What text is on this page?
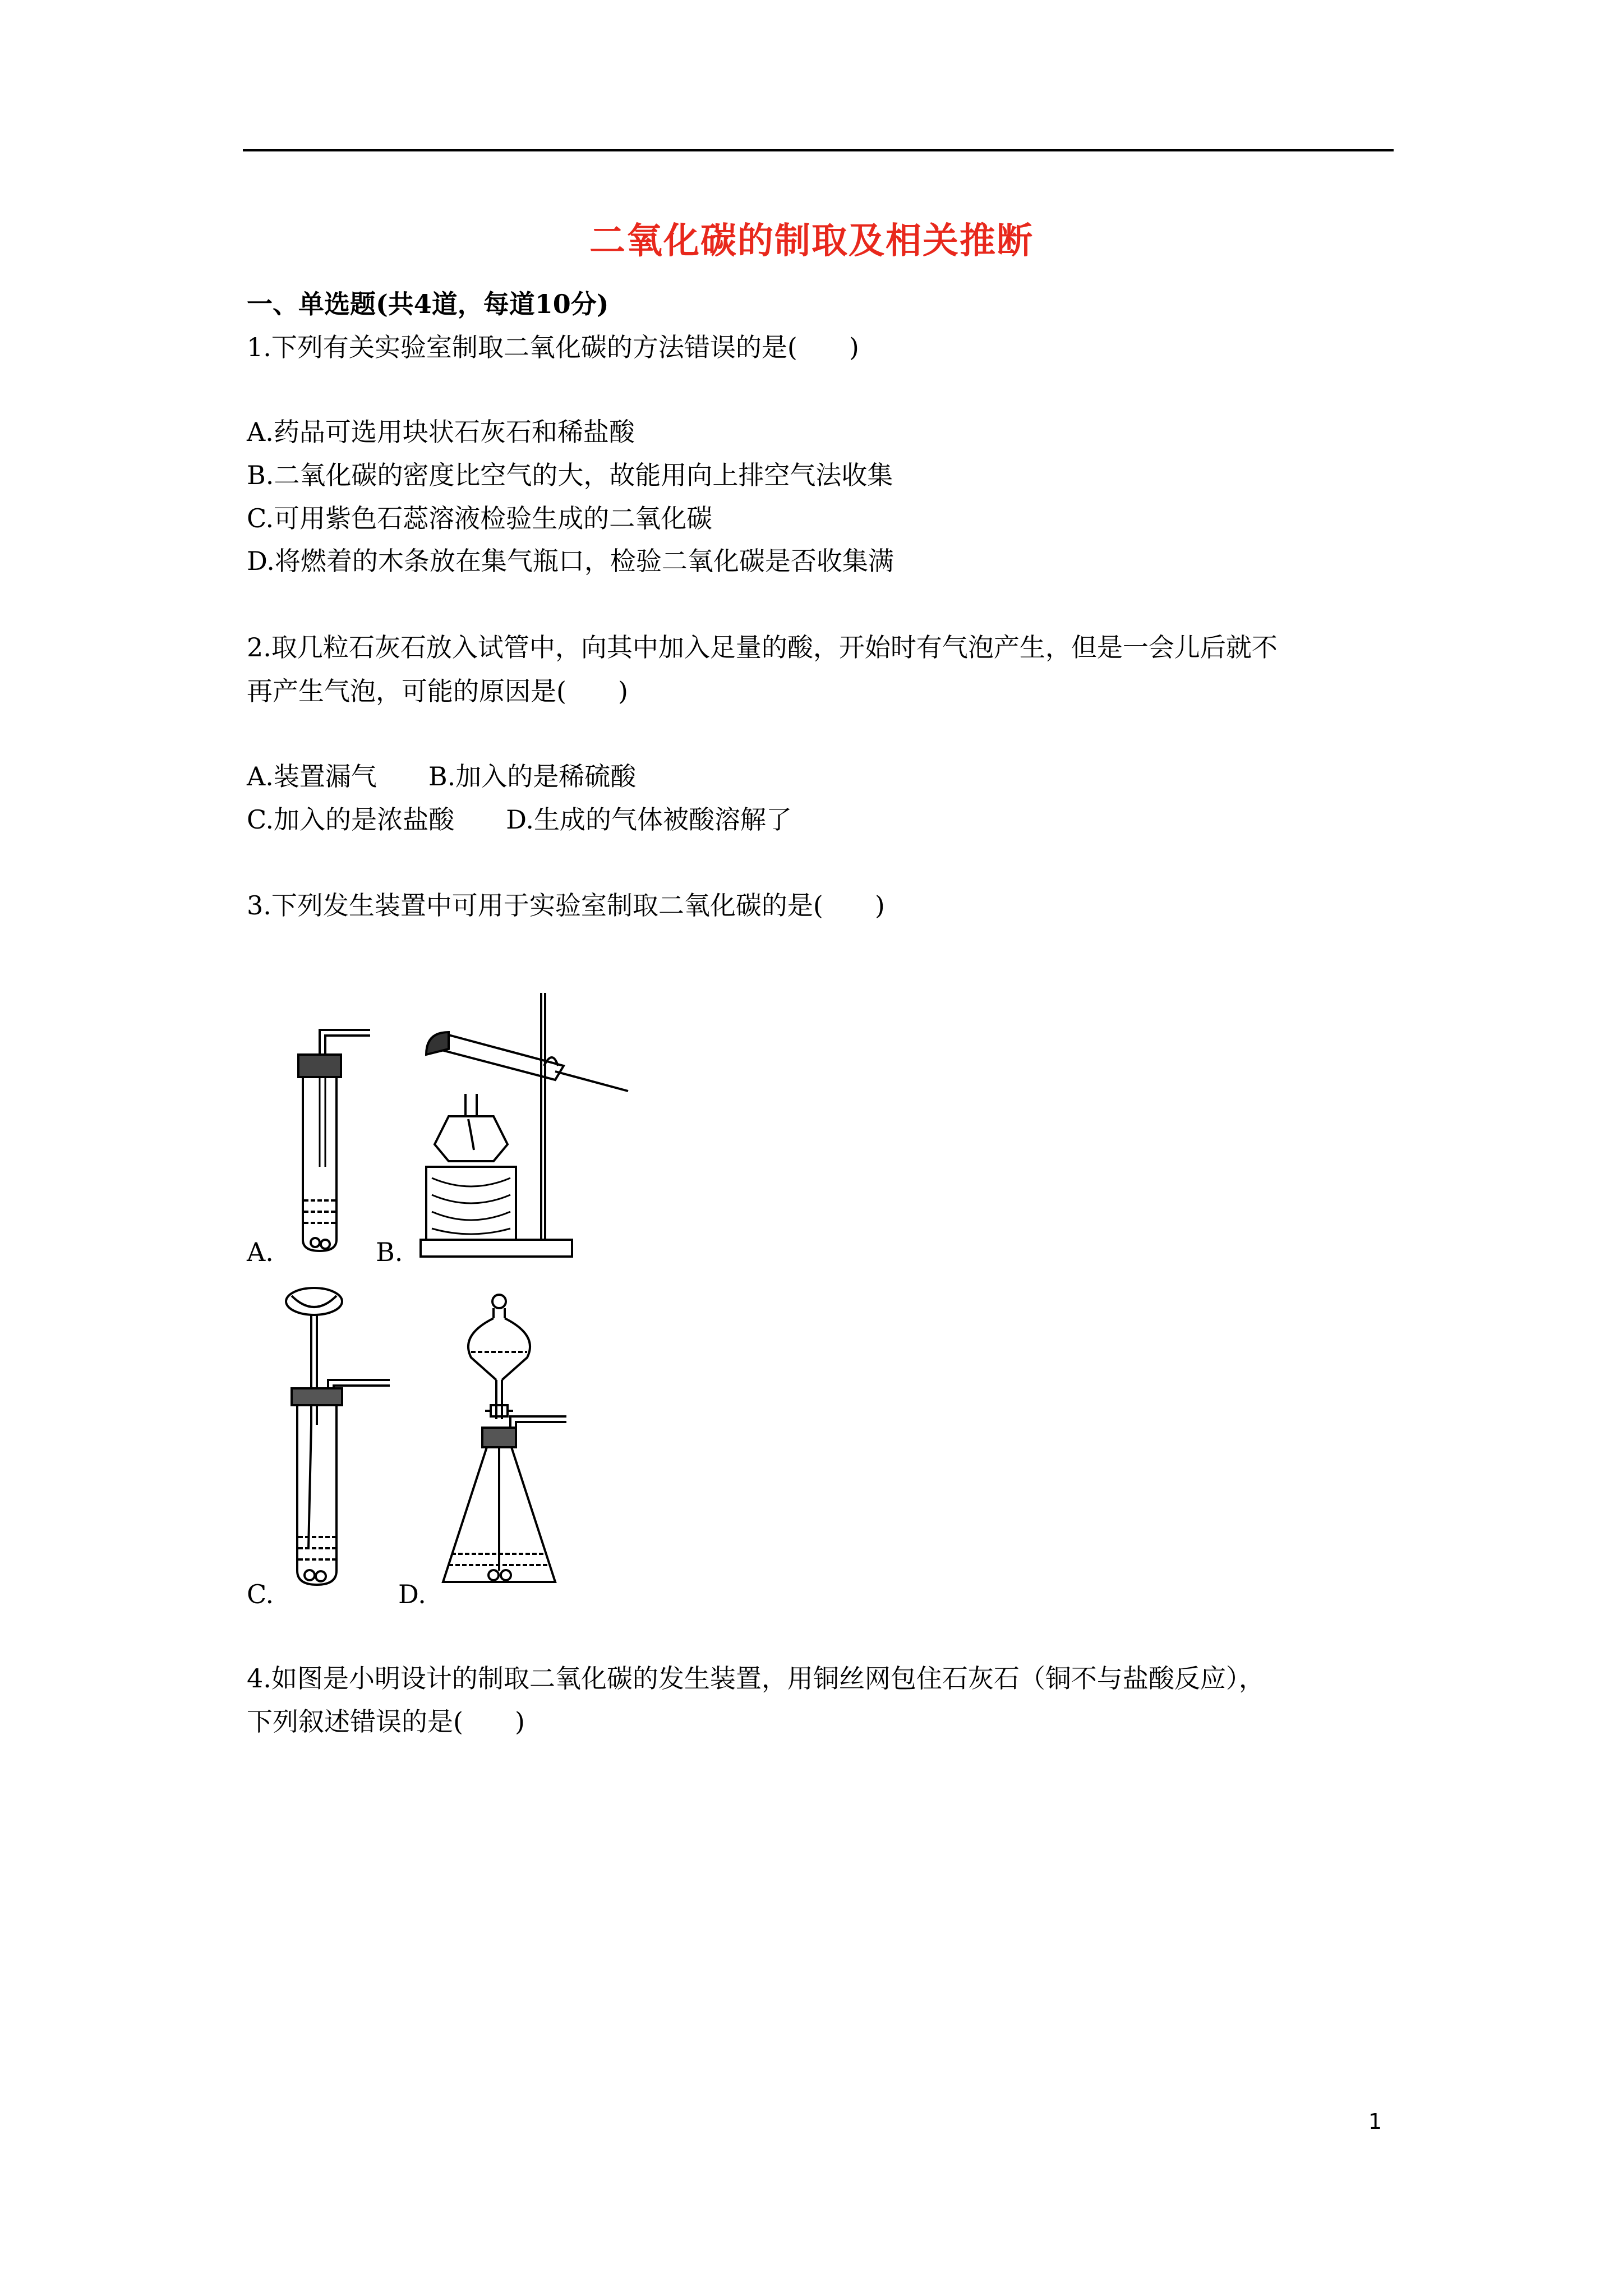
二氧化碳的制取及相关推断
一、单选题(共4道，每道10分)
1.下列有关实验室制取二氧化碳的方法错误的是(　　)
A.药品可选用块状石灰石和稀盐酸
B.二氧化碳的密度比空气的大，故能用向上排空气法收集
C.可用紫色石蕊溶液检验生成的二氧化碳
D.将燃着的木条放在集气瓶口，检验二氧化碳是否收集满
2.取几粒石灰石放入试管中，向其中加入足量的酸，开始时有气泡产生，但是一会儿后就不
再产生气泡，可能的原因是(　　)
A.装置漏气　　B.加入的是稀硫酸
C.加入的是浓盐酸　　D.生成的气体被酸溶解了
3.下列发生装置中可用于实验室制取二氧化碳的是(　　)
A.	B.
C.	D.
4.如图是小明设计的制取二氧化碳的发生装置，用铜丝网包住石灰石（铜不与盐酸反应），
下列叙述错误的是(　　)
1
